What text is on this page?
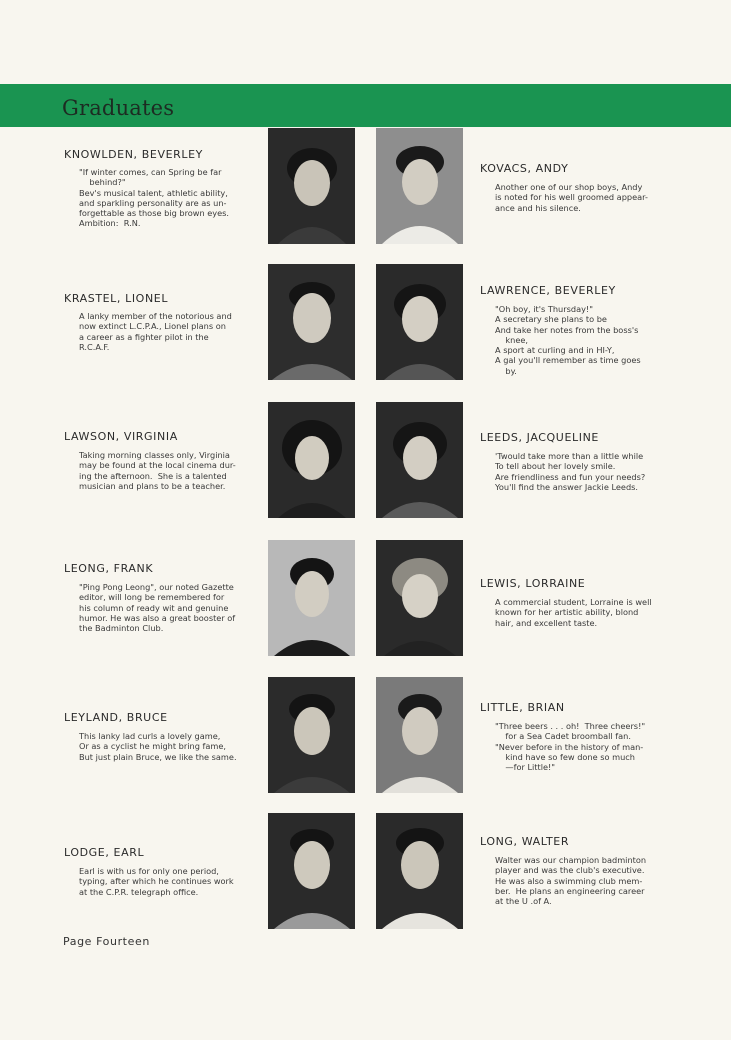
Graduates
KNOWLDEN, BEVERLEY
"If winter comes, can Spring be far
behind?"
Bev's musical talent, athletic ability,
and sparkling personality are as un-
forgettable as those big brown eyes.
Ambition:  R.N.
KOVACS, ANDY
Another one of our shop boys, Andy
is noted for his well groomed appear-
ance and his silence.
KRASTEL, LIONEL
A lanky member of the notorious and
now extinct L.C.P.A., Lionel plans on
a career as a fighter pilot in the
R.C.A.F.
LAWRENCE, BEVERLEY
"Oh boy, it's Thursday!"
A secretary she plans to be
And take her notes from the boss's
knee,
A sport at curling and in HI-Y,
A gal you'll remember as time goes
by.
LAWSON, VIRGINIA
Taking morning classes only, Virginia
may be found at the local cinema dur-
ing the afternoon.  She is a talented
musician and plans to be a teacher.
LEEDS, JACQUELINE
'Twould take more than a little while
To tell about her lovely smile.
Are friendliness and fun your needs?
You'll find the answer Jackie Leeds.
LEONG, FRANK
"Ping Pong Leong", our noted Gazette
editor, will long be remembered for
his column of ready wit and genuine
humor. He was also a great booster of
the Badminton Club.
LEWIS, LORRAINE
A commercial student, Lorraine is well
known for her artistic ability, blond
hair, and excellent taste.
LEYLAND, BRUCE
This lanky lad curls a lovely game,
Or as a cyclist he might bring fame,
But just plain Bruce, we like the same.
LITTLE, BRIAN
"Three beers . . . oh!  Three cheers!"
for a Sea Cadet broomball fan.
"Never before in the history of man-
kind have so few done so much
—for Little!"
LODGE, EARL
Earl is with us for only one period,
typing, after which he continues work
at the C.P.R. telegraph office.
LONG, WALTER
Walter was our champion badminton
player and was the club's executive.
He was also a swimming club mem-
ber.  He plans an engineering career
at the U .of A.
Page Fourteen
